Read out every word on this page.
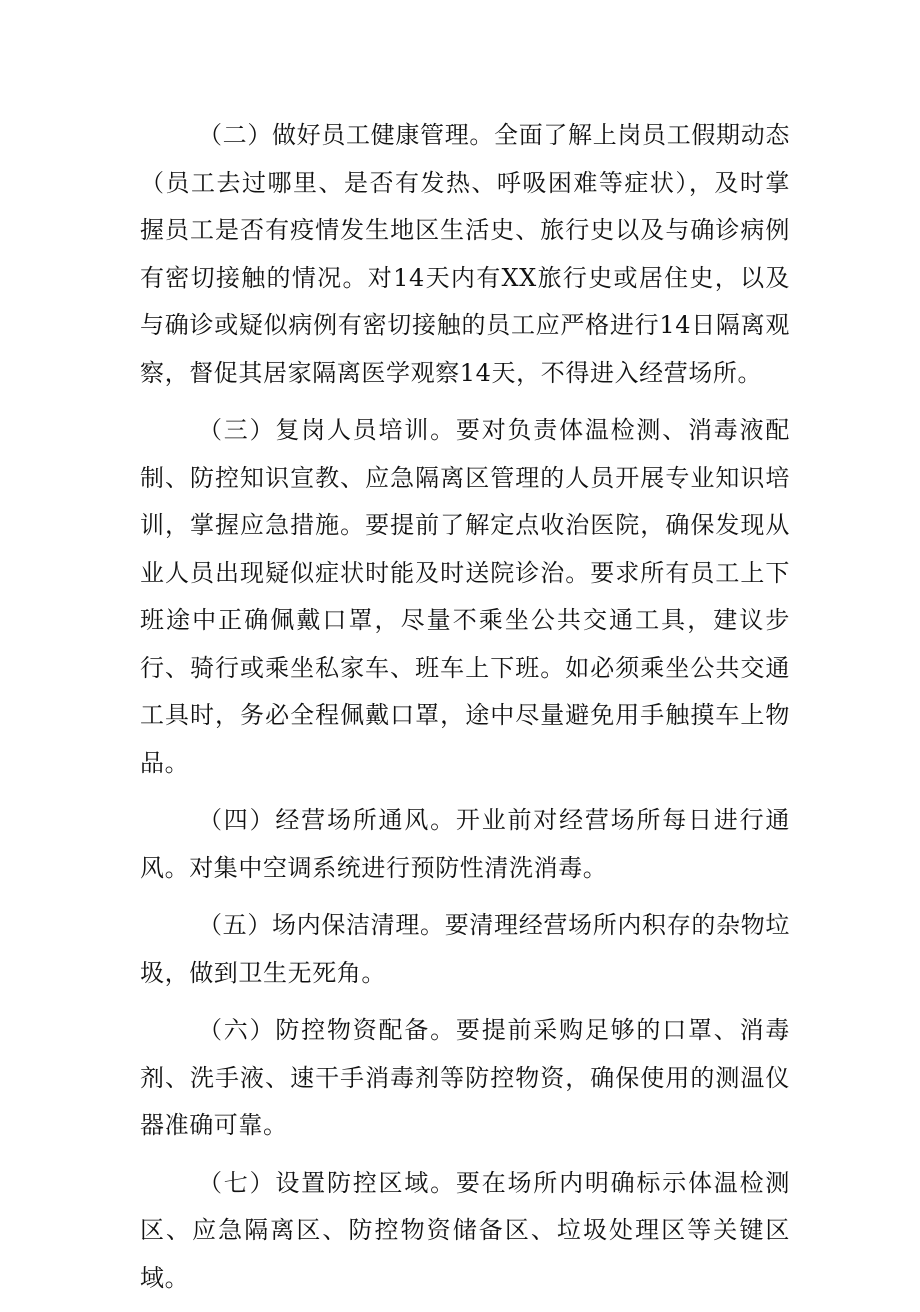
（二）做好员工健康管理。全面了解上岗员工假期动态（员工去过哪里、是否有发热、呼吸困难等症状），及时掌握员工是否有疫情发生地区生活史、旅行史以及与确诊病例有密切接触的情况。对14天内有XX旅行史或居住史，以及与确诊或疑似病例有密切接触的员工应严格进行14日隔离观察，督促其居家隔离医学观察14天，不得进入经营场所。

（三）复岗人员培训。要对负责体温检测、消毒液配制、防控知识宣教、应急隔离区管理的人员开展专业知识培训，掌握应急措施。要提前了解定点收治医院，确保发现从业人员出现疑似症状时能及时送院诊治。要求所有员工上下班途中正确佩戴口罩，尽量不乘坐公共交通工具，建议步行、骑行或乘坐私家车、班车上下班。如必须乘坐公共交通工具时，务必全程佩戴口罩，途中尽量避免用手触摸车上物品。

（四）经营场所通风。开业前对经营场所每日进行通风。对集中空调系统进行预防性清洗消毒。

（五）场内保洁清理。要清理经营场所内积存的杂物垃圾，做到卫生无死角。

（六）防控物资配备。要提前采购足够的口罩、消毒剂、洗手液、速干手消毒剂等防控物资，确保使用的测温仪器准确可靠。

（七）设置防控区域。要在场所内明确标示体温检测区、应急隔离区、防控物资储备区、垃圾处理区等关键区域。
